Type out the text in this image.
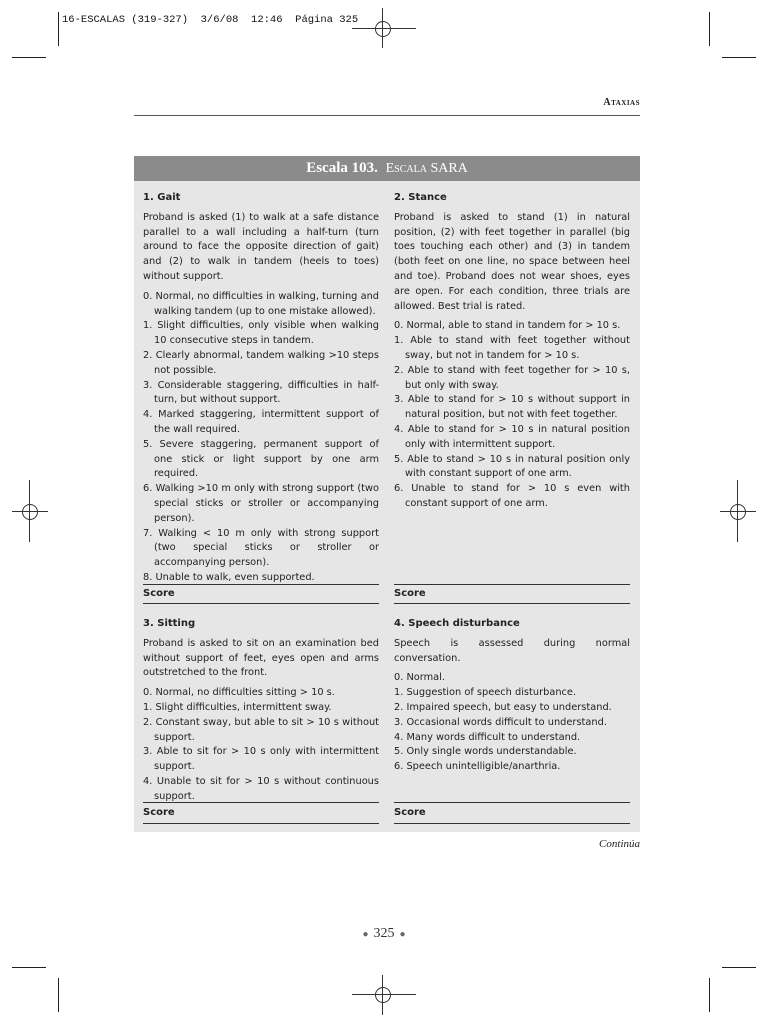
16-ESCALAS (319-327)  3/6/08  12:46  Página 325
Ataxias
Escala 103. Escala SARA
1. Gait

Proband is asked (1) to walk at a safe distance parallel to a wall including a half-turn (turn around to face the opposite direction of gait) and (2) to walk in tandem (heels to toes) without support.

0. Normal, no difficulties in walking, turning and walking tandem (up to one mistake allowed).
1. Slight difficulties, only visible when walking 10 consecutive steps in tandem.
2. Clearly abnormal, tandem walking >10 steps not possible.
3. Considerable staggering, difficulties in half-turn, but without support.
4. Marked staggering, intermittent support of the wall required.
5. Severe staggering, permanent support of one stick or light support by one arm required.
6. Walking >10 m only with strong support (two special sticks or stroller or accompanying person).
7. Walking < 10 m only with strong support (two special sticks or stroller or accompanying person).
8. Unable to walk, even supported.
Score
2. Stance

Proband is asked to stand (1) in natural position, (2) with feet together in parallel (big toes touching each other) and (3) in tandem (both feet on one line, no space between heel and toe). Proband does not wear shoes, eyes are open. For each condition, three trials are allowed. Best trial is rated.

0. Normal, able to stand in tandem for > 10 s.
1. Able to stand with feet together without sway, but not in tandem for > 10 s.
2. Able to stand with feet together for > 10 s, but only with sway.
3. Able to stand for > 10 s without support in natural position, but not with feet together.
4. Able to stand for > 10 s in natural position only with intermittent support.
5. Able to stand > 10 s in natural position only with constant support of one arm.
6. Unable to stand for > 10 s even with constant support of one arm.
Score
3. Sitting

Proband is asked to sit on an examination bed without support of feet, eyes open and arms outstretched to the front.

0. Normal, no difficulties sitting > 10 s.
1. Slight difficulties, intermittent sway.
2. Constant sway, but able to sit > 10 s without support.
3. Able to sit for > 10 s only with intermittent support.
4. Unable to sit for > 10 s without continuous support.
Score
4. Speech disturbance

Speech is assessed during normal conversation.

0. Normal.
1. Suggestion of speech disturbance.
2. Impaired speech, but easy to understand.
3. Occasional words difficult to understand.
4. Many words difficult to understand.
5. Only single words understandable.
6. Speech unintelligible/anarthria.
Score
Continúa
● 325 ●
